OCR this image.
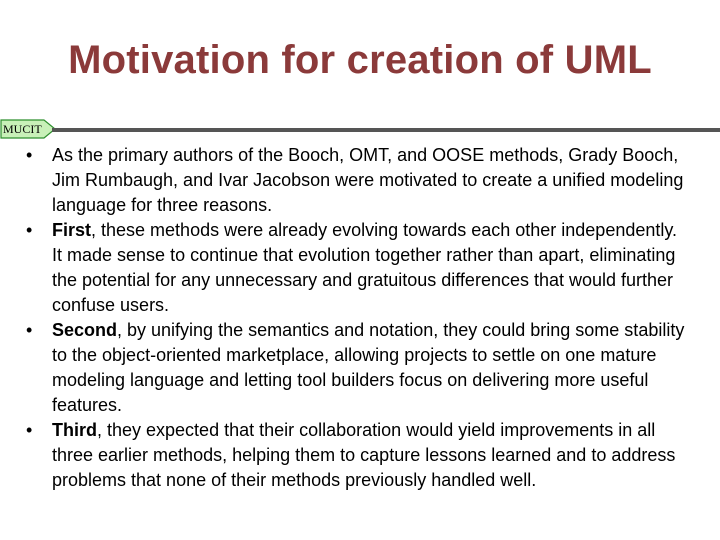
Motivation for creation of UML
MUCIT
• As the primary authors of the Booch, OMT, and OOSE methods, Grady Booch, Jim Rumbaugh, and Ivar Jacobson were motivated to create a unified modeling language for three reasons.
• First, these methods were already evolving towards each other independently. It made sense to continue that evolution together rather than apart, eliminating the potential for any unnecessary and gratuitous differences that would further confuse users.
• Second, by unifying the semantics and notation, they could bring some stability to the object-oriented marketplace, allowing projects to settle on one mature modeling language and letting tool builders focus on delivering more useful features.
• Third, they expected that their collaboration would yield improvements in all three earlier methods, helping them to capture lessons learned and to address problems that none of their methods previously handled well.
